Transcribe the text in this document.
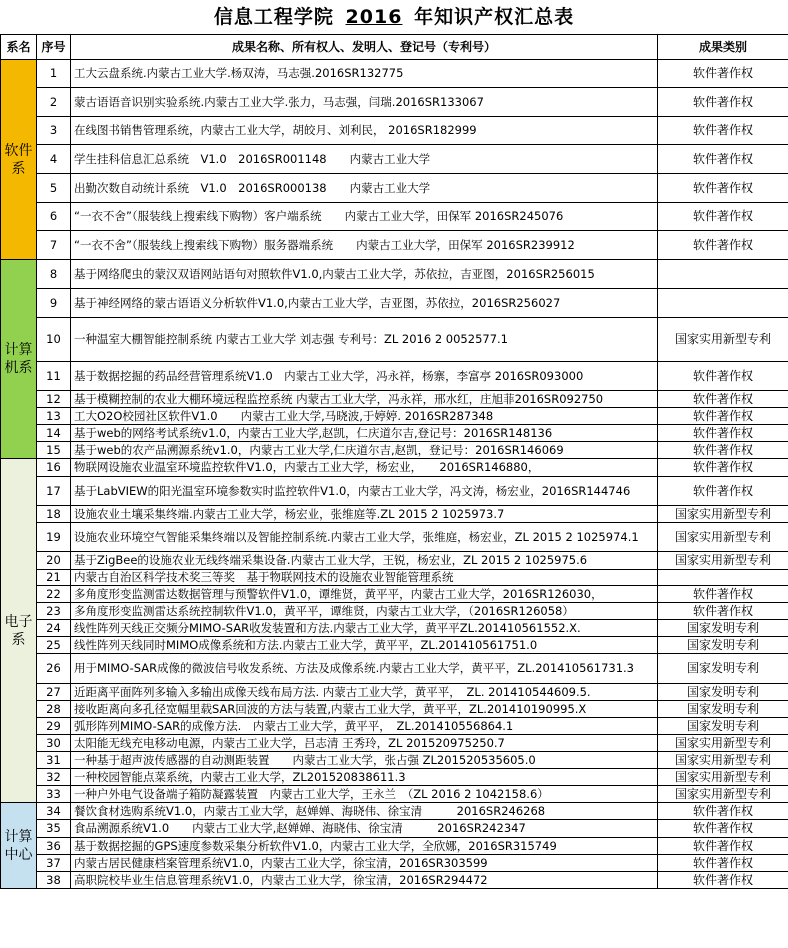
信息工程学院 2016 年知识产权汇总表
系名	序号	成果名称、所有权人、发明人、登记号（专利号）	成果类别
软件系	1	工大云盘系统.内蒙古工业大学.杨双涛，马志强.2016SR132775	软件著作权
	2	蒙古语语音识别实验系统.内蒙古工业大学.张力，马志强，闫瑞.2016SR133067	软件著作权
	3	在线图书销售管理系统，内蒙古工业大学，胡皎月、刘利民， 2016SR182999	软件著作权
	4	学生挂科信息汇总系统　V1.0　2016SR001148　　内蒙古工业大学	软件著作权
	5	出勤次数自动统计系统　V1.0　2016SR000138　　内蒙古工业大学	软件著作权
	6	“一衣不舍”（服装线上搜索线下购物）客户端系统　　内蒙古工业大学，田保军 2016SR245076	软件著作权
	7	“一衣不舍”（服装线上搜索线下购物）服务器端系统　　内蒙古工业大学，田保军 2016SR239912	软件著作权
计算机系	8	基于网络爬虫的蒙汉双语网站语句对照软件V1.0,内蒙古工业大学，苏依拉，吉亚图，2016SR256015	
	9	基于神经网络的蒙古语语义分析软件V1.0,内蒙古工业大学，吉亚图，苏依拉，2016SR256027	
	10	一种温室大棚智能控制系统 内蒙古工业大学 刘志强 专利号：ZL 2016 2 0052577.1	国家实用新型专利
	11	基于数据挖掘的药品经营管理系统V1.0　内蒙古工业大学，冯永祥，杨寨，李富亭 2016SR093000	软件著作权
	12	基于模糊控制的农业大棚环境远程监控系统 内蒙古工业大学，冯永祥，邢水红，庄旭菲2016SR092750	软件著作权
	13	工大O2O校园社区软件V1.0　　内蒙古工业大学,马晓波,于婷婷. 2016SR287348	软件著作权
	14	基于web的网络考试系统v1.0，内蒙古工业大学,赵凯，仁庆道尔吉,登记号：2016SR148136	软件著作权
	15	基于web的农产品溯源系统v1.0，内蒙古工业大学,仁庆道尔吉,赵凯，登记号：2016SR146069	软件著作权
电子系	16	物联网设施农业温室环境监控软件V1.0，内蒙古工业大学，杨宏业，　　2016SR146880，	软件著作权
	17	基于LabVIEW的阳光温室环境参数实时监控软件V1.0，内蒙古工业大学，冯文涛，杨宏业，2016SR144746	软件著作权
	18	设施农业土壤采集终端.内蒙古工业大学，杨宏业，张维庭等.ZL 2015 2 1025973.7	国家实用新型专利
	19	设施农业环境空气智能采集终端以及智能控制系统.内蒙古工业大学，张维庭，杨宏业，ZL 2015 2 1025974.1	国家实用新型专利
	20	基于ZigBee的设施农业无线终端采集设备.内蒙古工业大学，王锐，杨宏业，ZL 2015 2 1025975.6	国家实用新型专利
	21	内蒙古自治区科学技术奖三等奖　基于物联网技术的设施农业智能管理系统	
	22	多角度形变监测雷达数据管理与预警软件V1.0，谭维贤，黄平平，内蒙古工业大学，2016SR126030，	软件著作权
	23	多角度形变监测雷达系统控制软件V1.0，黄平平，谭维贤，内蒙古工业大学，（2016SR126058）	软件著作权
	24	线性阵列天线正交频分MIMO-SAR收发装置和方法.内蒙古工业大学，黄平平ZL.201410561552.X.	国家发明专利
	25	线性阵列天线同时MIMO成像系统和方法.内蒙古工业大学，黄平平，ZL.201410561751.0	国家发明专利
	26	用于MIMO-SAR成像的微波信号收发系统、方法及成像系统.内蒙古工业大学，黄平平，ZL.201410561731.3	国家发明专利
	27	近距离平面阵列多输入多输出成像天线布局方法. 内蒙古工业大学，黄平平，　ZL. 201410544609.5.	国家发明专利
	28	接收距离向多孔径宽幅里载SAR回波的方法与装置,内蒙古工业大学，黄平平，ZL.201410190995.X	国家发明专利
	29	弧形阵列MIMO-SAR的成像方法.　内蒙古工业大学，黄平平，　ZL.201410556864.1	国家发明专利
	30	太阳能无线充电移动电源，内蒙古工业大学，吕志清 王秀玲，ZL 201520975250.7	国家实用新型专利
	31	一种基于超声波传感器的自动测距装置　　内蒙古工业大学，张占强 ZL201520535605.0	国家实用新型专利
	32	一种校园智能点菜系统，内蒙古工业大学，ZL201520838611.3	国家实用新型专利
	33	一种户外电气设备端子箱防凝露装置　内蒙古工业大学，王永兰　（ZL 2016 2 1042158.6）	国家实用新型专利
计算中心	34	餐饮食材选购系统V1.0，内蒙古工业大学，赵婵婵、海晓伟、徐宝清　　　2016SR246268	软件著作权
	35	食品溯源系统V1.0　　内蒙古工业大学,赵婵婵、海晓伟、徐宝清　　　2016SR242347	软件著作权
	36	基于数据挖掘的GPS速度参数采集分析软件V1.0，内蒙古工业大学，全欣娜，2016SR315749	软件著作权
	37	内蒙古居民健康档案管理系统V1.0，内蒙古工业大学，徐宝清，2016SR303599	软件著作权
	38	高职院校毕业生信息管理系统V1.0，内蒙古工业大学，徐宝清，2016SR294472	软件著作权
